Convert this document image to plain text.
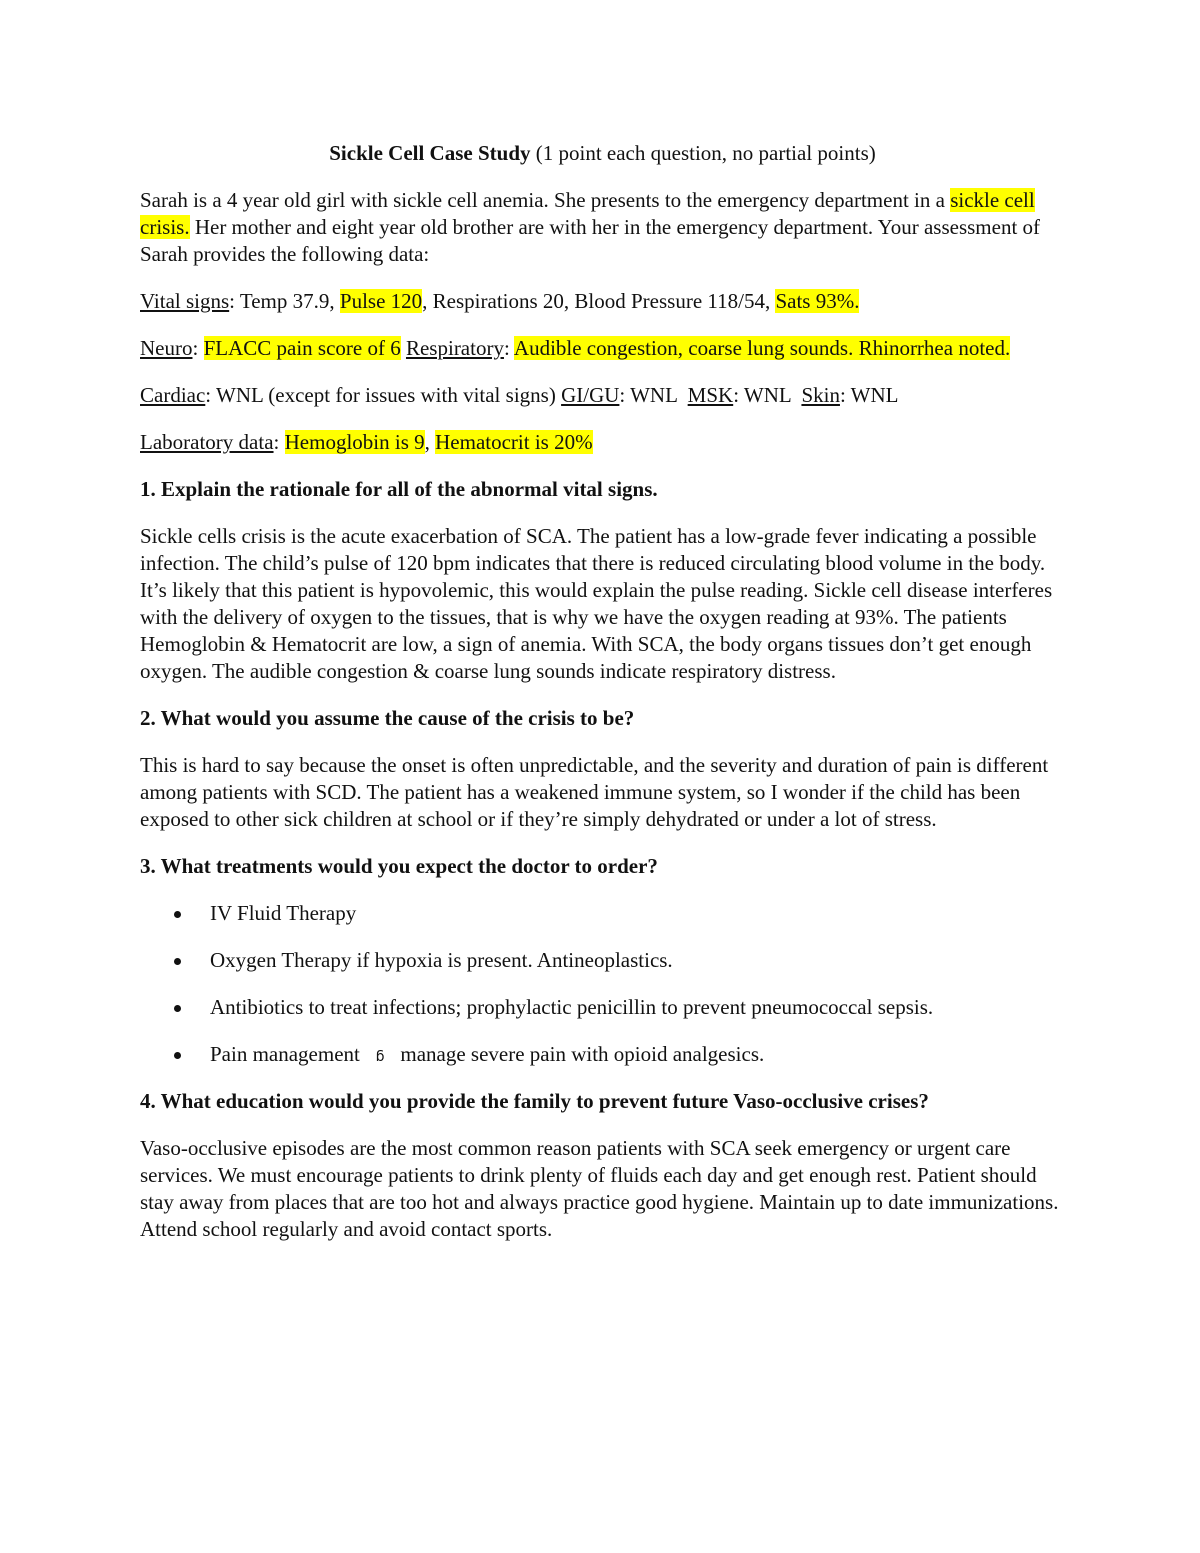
Sickle Cell Case Study (1 point each question, no partial points)

Sarah is a 4 year old girl with sickle cell anemia. She presents to the emergency department in a sickle cell crisis. Her mother and eight year old brother are with her in the emergency department. Your assessment of Sarah provides the following data:

Vital signs: Temp 37.9, Pulse 120, Respirations 20, Blood Pressure 118/54, Sats 93%.

Neuro: FLACC pain score of 6 Respiratory: Audible congestion, coarse lung sounds. Rhinorrhea noted.

Cardiac: WNL (except for issues with vital signs) GI/GU: WNL  MSK: WNL  Skin: WNL

Laboratory data: Hemoglobin is 9, Hematocrit is 20%

1. Explain the rationale for all of the abnormal vital signs.

Sickle cells crisis is the acute exacerbation of SCA. The patient has a low-grade fever indicating a possible infection. The child’s pulse of 120 bpm indicates that there is reduced circulating blood volume in the body. It’s likely that this patient is hypovolemic, this would explain the pulse reading. Sickle cell disease interferes with the delivery of oxygen to the tissues, that is why we have the oxygen reading at 93%. The patients Hemoglobin & Hematocrit are low, a sign of anemia. With SCA, the body organs tissues don’t get enough oxygen. The audible congestion & coarse lung sounds indicate respiratory distress.

2. What would you assume the cause of the crisis to be?

This is hard to say because the onset is often unpredictable, and the severity and duration of pain is different among patients with SCD. The patient has a weakened immune system, so I wonder if the child has been exposed to other sick children at school or if they’re simply dehydrated or under a lot of stress.

3. What treatments would you expect the doctor to order?

IV Fluid Therapy
Oxygen Therapy if hypoxia is present. Antineoplastics.
Antibiotics to treat infections; prophylactic penicillin to prevent pneumococcal sepsis.
Pain management ᵷ manage severe pain with opioid analgesics.

4. What education would you provide the family to prevent future Vaso-occlusive crises?

Vaso-occlusive episodes are the most common reason patients with SCA seek emergency or urgent care services. We must encourage patients to drink plenty of fluids each day and get enough rest. Patient should stay away from places that are too hot and always practice good hygiene. Maintain up to date immunizations. Attend school regularly and avoid contact sports.
